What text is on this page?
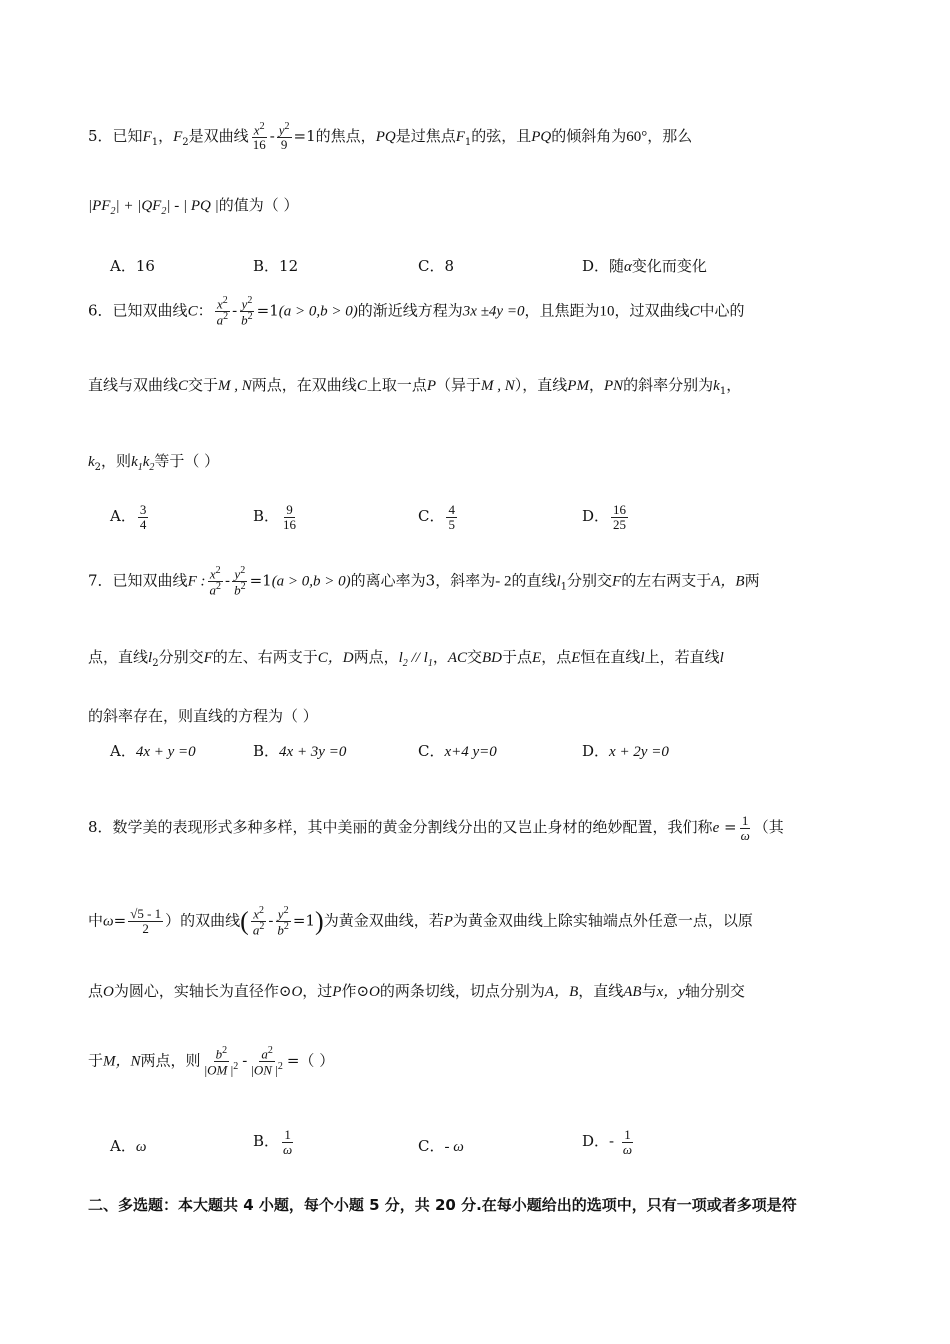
5．已知$F_1$，$F_2$是双曲线 $\frac{x^2}{16} - \frac{y^2}{9} =1$的焦点，PQ是过焦点$F_1$的弦，且PQ的倾斜角为60°，那么
$|PF_2| + |QF_2|$ - | PQ |的值为（ ）
A．16	B．12	C．8	D．随α变化而变化
6．已知双曲线C： $\frac{x^2}{a^2} - \frac{y^2}{b^2} =1(a > 0,b > 0)$的渐近线方程为3x ±4y =0，且焦距为10，过双曲线C中心的
直线与双曲线C交于M , N两点，在双曲线C上取一点P（异于M , N），直线PM，PN的斜率分别为$k_1$，
$k_2$，则$k_1k_2$等于（ ）
A． $\frac{3}{4}$	B． $\frac{9}{16}$	C． $\frac{4}{5}$	D． $\frac{16}{25}$
7．已知双曲线F : $\frac{x^2}{a^2} - \frac{y^2}{b^2} =1(a > 0,b > 0)$的离心率为3，斜率为- 2的直线$l_1$分别交F的左右两支于A，B两
点，直线$l_2$分别交F的左、右两支于C，D两点，$l_2 // l_1$，AC交BD于点E，点E恒在直线l上，若直线l
的斜率存在，则直线的方程为（ ）
A．4x + y =0	B．4x + 3y =0	C．x+4 y=0	D．x + 2y =0
8．数学美的表现形式多种多样，其中美丽的黄金分割线分出的又岂止身材的绝妙配置，我们称$e = \frac{1}{\omega}$ （其
中$\omega= \frac{√5 - 1}{2}$ ）的双曲线( $\frac{x^2}{a^2} - \frac{y^2}{b^2} =1$)为黄金双曲线，若P为黄金双曲线上除实轴端点外任意一点，以原
点O为圆心，实轴长为直径作⊙O，过P作⊙O的两条切线，切点分别为A，B，直线AB与x，y轴分别交
于M，N两点，则 $\frac{b^2}{|OM |^2} - \frac{a^2}{|ON |^2}$ =（ ）
A．ω	B． $\frac{1}{\omega}$	C．- ω	D．- $\frac{1}{\omega}$
二、多选题：本大题共 4 小题，每个小题 5 分，共 20 分.在每小题给出的选项中，只有一项或者多项是符
